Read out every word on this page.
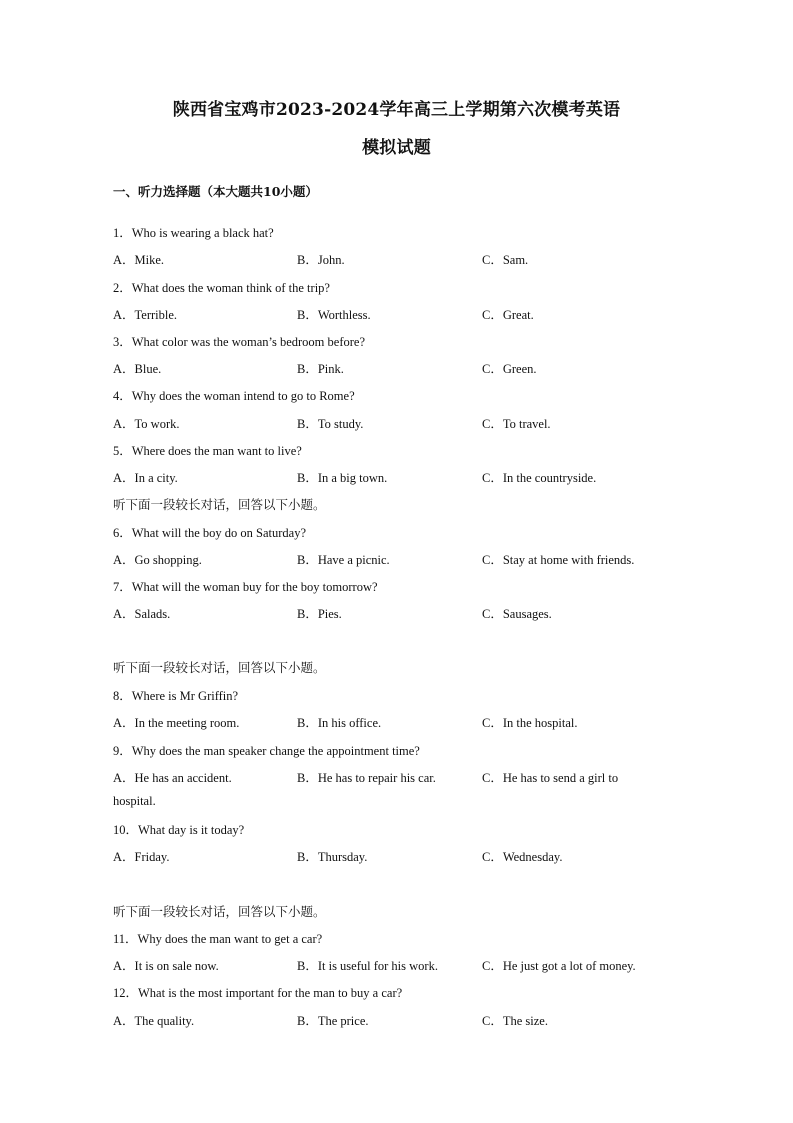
陕西省宝鸡市2023-2024学年高三上学期第六次模考英语
模拟试题
一、听力选择题（本大题共10小题）
1．Who is wearing a black hat?
A．Mike.	B．John.	C．Sam.
2．What does the woman think of the trip?
A．Terrible.	B．Worthless.	C．Great.
3．What color was the woman’s bedroom before?
A．Blue.	B．Pink.	C．Green.
4．Why does the woman intend to go to Rome?
A．To work.	B．To study.	C．To travel.
5．Where does the man want to live?
A．In a city.	B．In a big town.	C．In the countryside.
听下面一段较长对话，回答以下小题。
6．What will the boy do on Saturday?
A．Go shopping.	B．Have a picnic.	C．Stay at home with friends.
7．What will the woman buy for the boy tomorrow?
A．Salads.	B．Pies.	C．Sausages.
听下面一段较长对话，回答以下小题。
8．Where is Mr Griffin?
A．In the meeting room.	B．In his office.	C．In the hospital.
9．Why does the man speaker change the appointment time?
A．He has an accident.	B．He has to repair his car.	C．He has to send a girl to
hospital.
10．What day is it today?
A．Friday.	B．Thursday.	C．Wednesday.
听下面一段较长对话，回答以下小题。
11．Why does the man want to get a car?
A．It is on sale now.	B．It is useful for his work.	C．He just got a lot of money.
12．What is the most important for the man to buy a car?
A．The quality.	B．The price.	C．The size.
